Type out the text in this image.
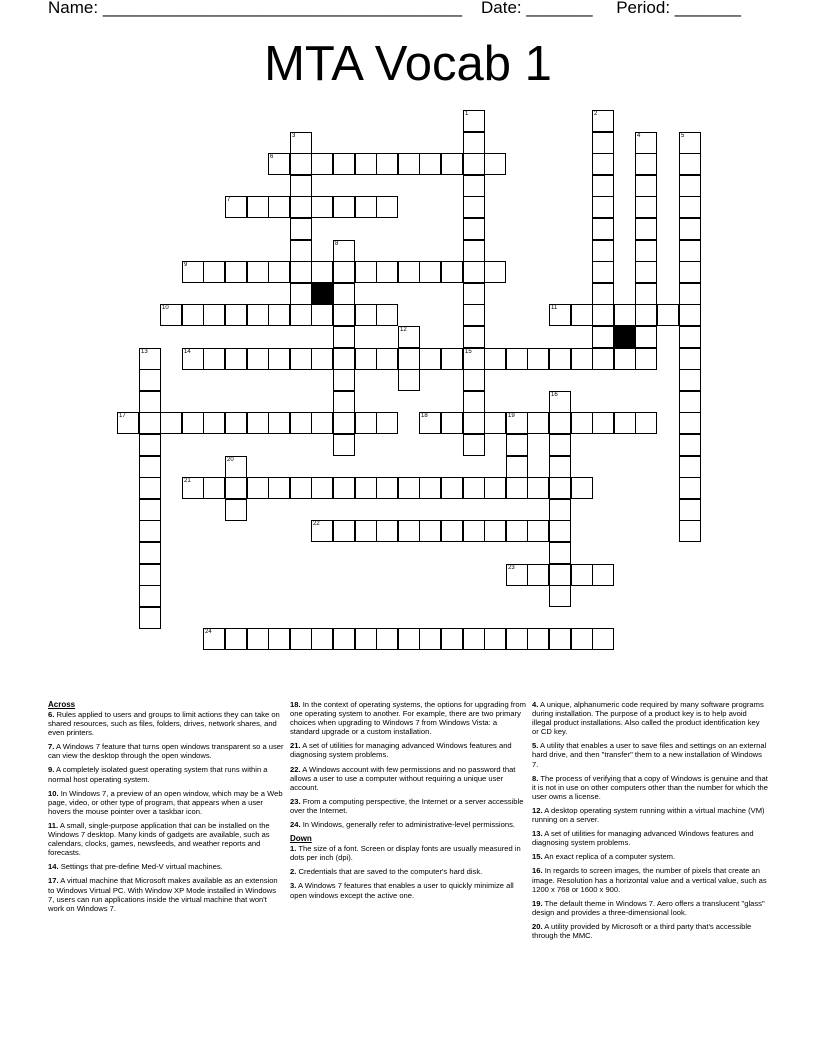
Name: ______________________________________ Date: _______ Period: _______
MTA Vocab 1
6
7
9
10	11
14	15
17	18	19
21
22
23
24
1	2
3	4	5
8
12
13
16
20
Across
6. Rules applied to users and groups to limit actions they can take on shared resources, such as files, folders, drives, network shares, and even printers.
7. A Windows 7 feature that turns open windows transparent so a user can view the desktop through the open windows.
9. A completely isolated guest operating system that runs within a normal host operating system.
10. In Windows 7, a preview of an open window, which may be a Web page, video, or other type of program, that appears when a user hovers the mouse pointer over a taskbar icon.
11. A small, single-purpose application that can be installed on the Windows 7 desktop. Many kinds of gadgets are available, such as calendars, clocks, games, newsfeeds, and weather reports and forecasts.
14. Settings that pre-define Med-V virtual machines.
17. A virtual machine that Microsoft makes available as an extension to Windows Virtual PC. With Window XP Mode installed in Windows 7, users can run applications inside the virtual machine that won't work on Windows 7.
18. In the context of operating systems, the options for upgrading from one operating system to another. For example, there are two primary choices when upgrading to Windows 7 from Windows Vista: a standard upgrade or a custom installation.
21. A set of utilities for managing advanced Windows features and diagnosing system problems.
22. A Windows account with few permissions and no password that allows a user to use a computer without requiring a unique user account.
23. From a computing perspective, the Internet or a server accessible over the Internet.
24. In Windows, generally refer to administrative-level permissions.
Down
1. The size of a font. Screen or display fonts are usually measured in dots per inch (dpi).
2. Credentials that are saved to the computer's hard disk.
3. A Windows 7 features that enables a user to quickly minimize all open windows except the active one.
4. A unique, alphanumeric code required by many software programs during installation. The purpose of a product key is to help avoid illegal product installations. Also called the product identification key or CD key.
5. A utility that enables a user to save files and settings on an external hard drive, and then "transfer" them to a new installation of Windows 7.
8. The process of verifying that a copy of Windows is genuine and that it is not in use on other computers other than the number for which the user owns a license.
12. A desktop operating system running within a virtual machine (VM) running on a server.
13. A set of utilities for managing advanced Windows features and diagnosing system problems.
15. An exact replica of a computer system.
16. In regards to screen images, the number of pixels that create an image. Resolution has a horizontal value and a vertical value, such as 1200 x 768 or 1600 x 900.
19. The default theme in Windows 7. Aero offers a translucent "glass" design and provides a three-dimensional look.
20. A utility provided by Microsoft or a third party that's accessible through the MMC.
